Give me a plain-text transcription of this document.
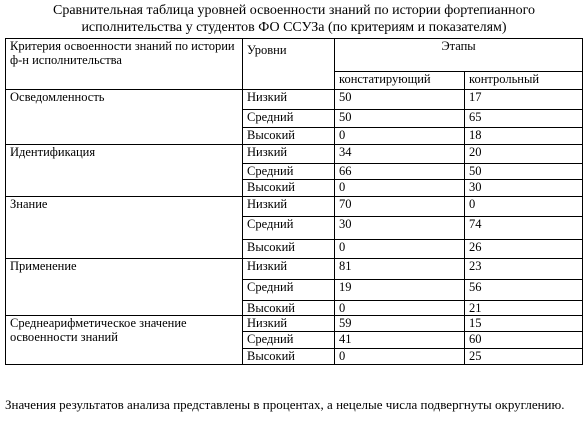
Сравнительная таблица уровней освоенности знаний по истории фортепианного
исполнительства у студентов ФО ССУЗа (по критериям и показателям)
Критерия освоенности знаний по истории ф-н исполнительства	Уровни	Этапы	
		констатирующий	контрольный
Осведомленность	Низкий	50	17
	Средний	50	65
	Высокий	0	18
Идентификация	Низкий	34	20
	Средний	66	50
	Высокий	0	30
Знание	Низкий	70	0
	Средний	30	74
	Высокий	0	26
Применение	Низкий	81	23
	Средний	19	56
	Высокий	0	21
Среднеарифметическое значение освоенности знаний	Низкий	59	15
	Средний	41	60
	Высокий	0	25
Значения результатов анализа представлены в процентах, а нецелые числа подвергнуты округлению.
